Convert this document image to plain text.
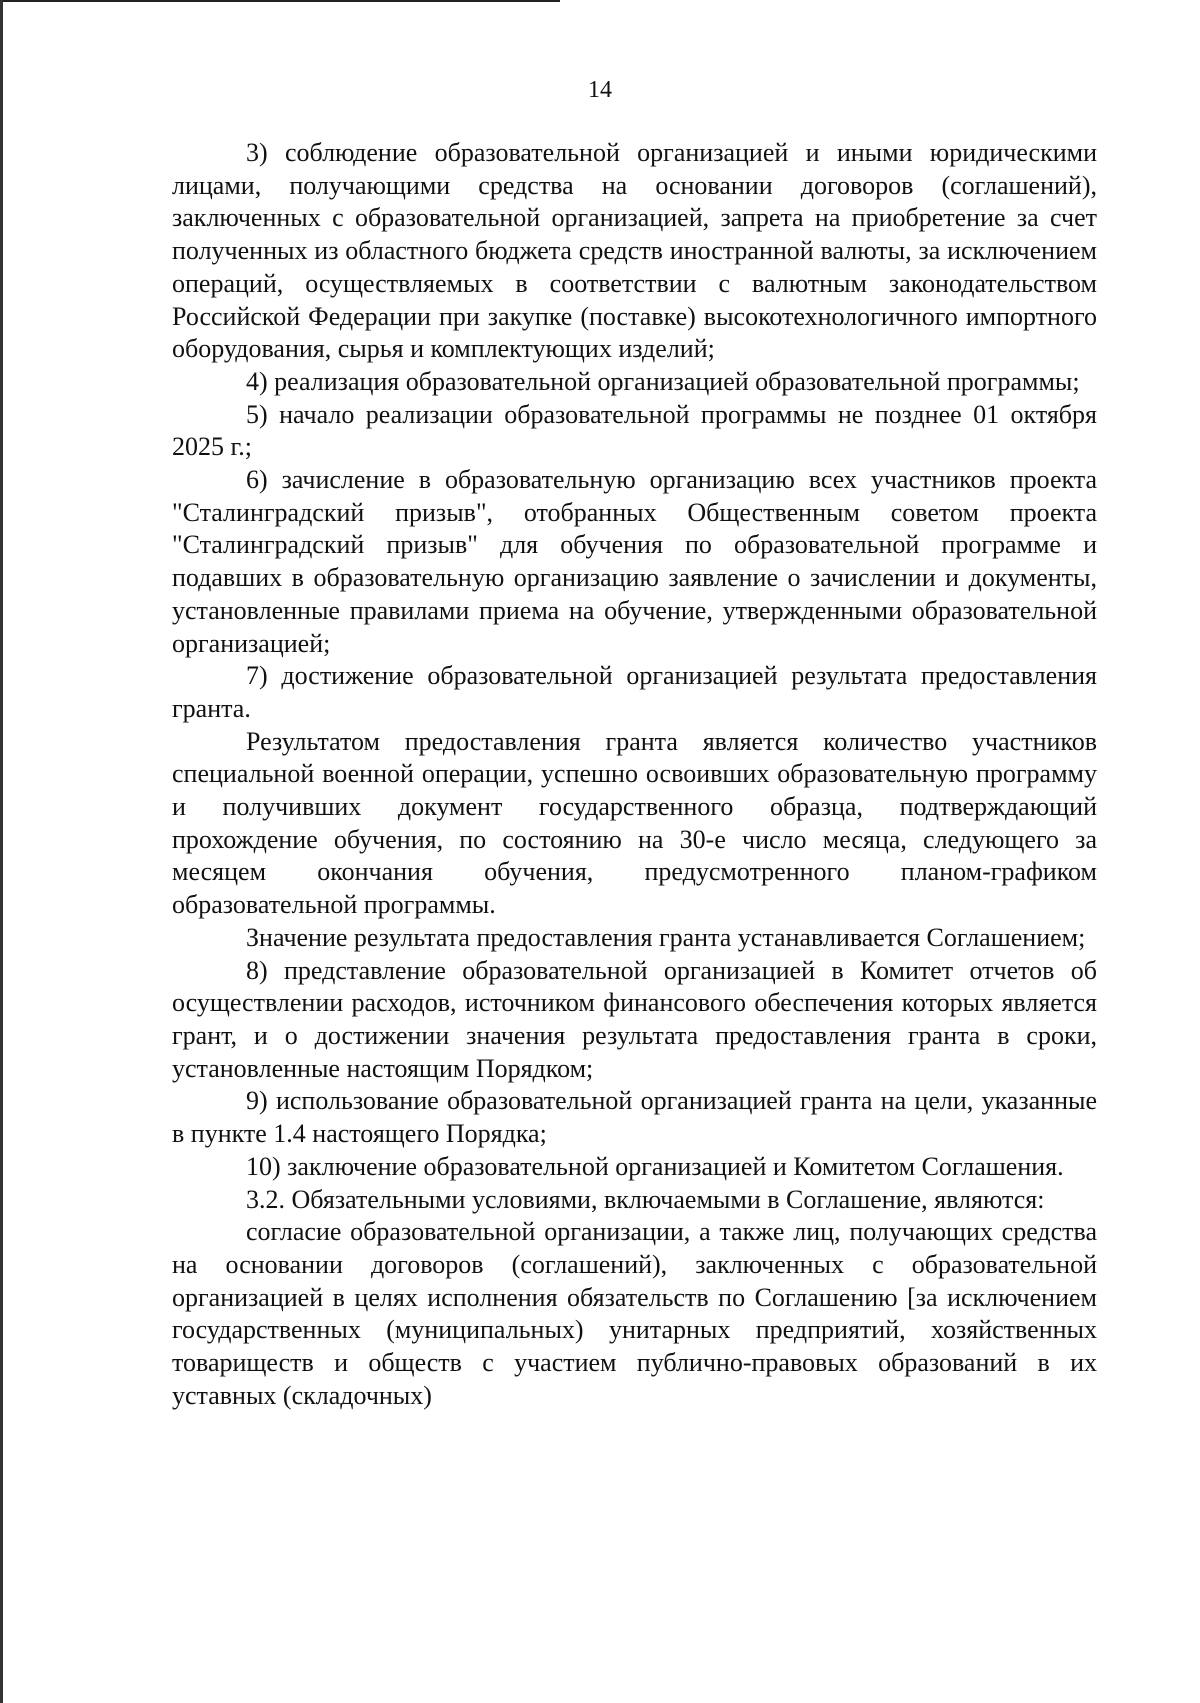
14

3) соблюдение образовательной организацией и иными юридическими лицами, получающими средства на основании договоров (соглашений), заключенных с образовательной организацией, запрета на приобретение за счет полученных из областного бюджета средств иностранной валюты, за исключением операций, осуществляемых в соответствии с валютным законодательством Российской Федерации при закупке (поставке) высокотехнологичного импортного оборудования, сырья и комплектующих изделий;

4) реализация образовательной организацией образовательной программы;

5) начало реализации образовательной программы не позднее 01 октября 2025 г.;

6) зачисление в образовательную организацию всех участников проекта "Сталинградский призыв", отобранных Общественным советом проекта "Сталинградский призыв" для обучения по образовательной программе и подавших в образовательную организацию заявление о зачислении и документы, установленные правилами приема на обучение, утвержденными образовательной организацией;

7) достижение образовательной организацией результата предоставления гранта.

Результатом предоставления гранта является количество участников специальной военной операции, успешно освоивших образовательную программу и получивших документ государственного образца, подтверждающий прохождение обучения, по состоянию на 30-е число месяца, следующего за месяцем окончания обучения, предусмотренного планом-графиком образовательной программы.

Значение результата предоставления гранта устанавливается Соглашением;

8) представление образовательной организацией в Комитет отчетов об осуществлении расходов, источником финансового обеспечения которых является грант, и о достижении значения результата предоставления гранта в сроки, установленные настоящим Порядком;

9) использование образовательной организацией гранта на цели, указанные в пункте 1.4 настоящего Порядка;

10) заключение образовательной организацией и Комитетом Соглашения.

3.2. Обязательными условиями, включаемыми в Соглашение, являются:

согласие образовательной организации, а также лиц, получающих средства на основании договоров (соглашений), заключенных с образовательной организацией в целях исполнения обязательств по Соглашению [за исключением государственных (муниципальных) унитарных предприятий, хозяйственных товариществ и обществ с участием публично-правовых образований в их уставных (складочных)
